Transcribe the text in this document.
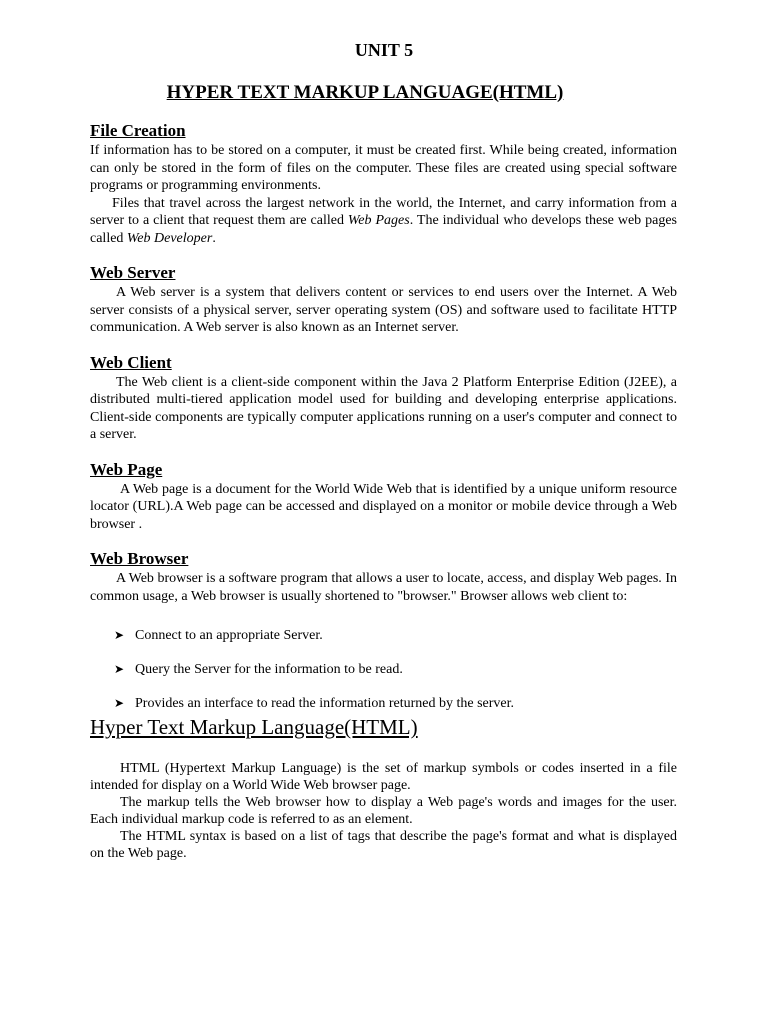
UNIT 5
HYPER TEXT MARKUP LANGUAGE(HTML)
File Creation

If information has to be stored on a computer, it must be created first. While being created, information can only be stored in the form of files on the computer. These files are created using special software programs or programming environments.

Files that travel across the largest network in the world, the Internet, and carry information from a server to a client that request them are called Web Pages. The individual who develops these web pages called Web Developer.

Web Server

A Web server is a system that delivers content or services to end users over the Internet. A Web server consists of a physical server, server operating system (OS) and software used to facilitate HTTP communication. A Web server is also known as an Internet server.

Web Client

The Web client is a client-side component within the Java 2 Platform Enterprise Edition (J2EE), a distributed multi-tiered application model used for building and developing enterprise applications. Client-side components are typically computer applications running on a user's computer and connect to a server.

Web Page

A Web page is a document for the World Wide Web that is identified by a unique uniform resource locator (URL).A Web page can be accessed and displayed on a monitor or mobile device through a Web browser .

Web Browser

A Web browser is a software program that allows a user to locate, access, and display Web pages. In common usage, a Web browser is usually shortened to "browser." Browser allows web client to:

➤ Connect to an appropriate Server.
➤ Query the Server for the information to be read.
➤ Provides an interface to read the information returned by the server.
Hyper Text Markup Language(HTML)

HTML (Hypertext Markup Language) is the set of markup symbols or codes inserted in a file intended for display on a World Wide Web browser page.

The markup tells the Web browser how to display a Web page's words and images for the user. Each individual markup code is referred to as an element.

The HTML syntax is based on a list of tags that describe the page's format and what is displayed on the Web page.
